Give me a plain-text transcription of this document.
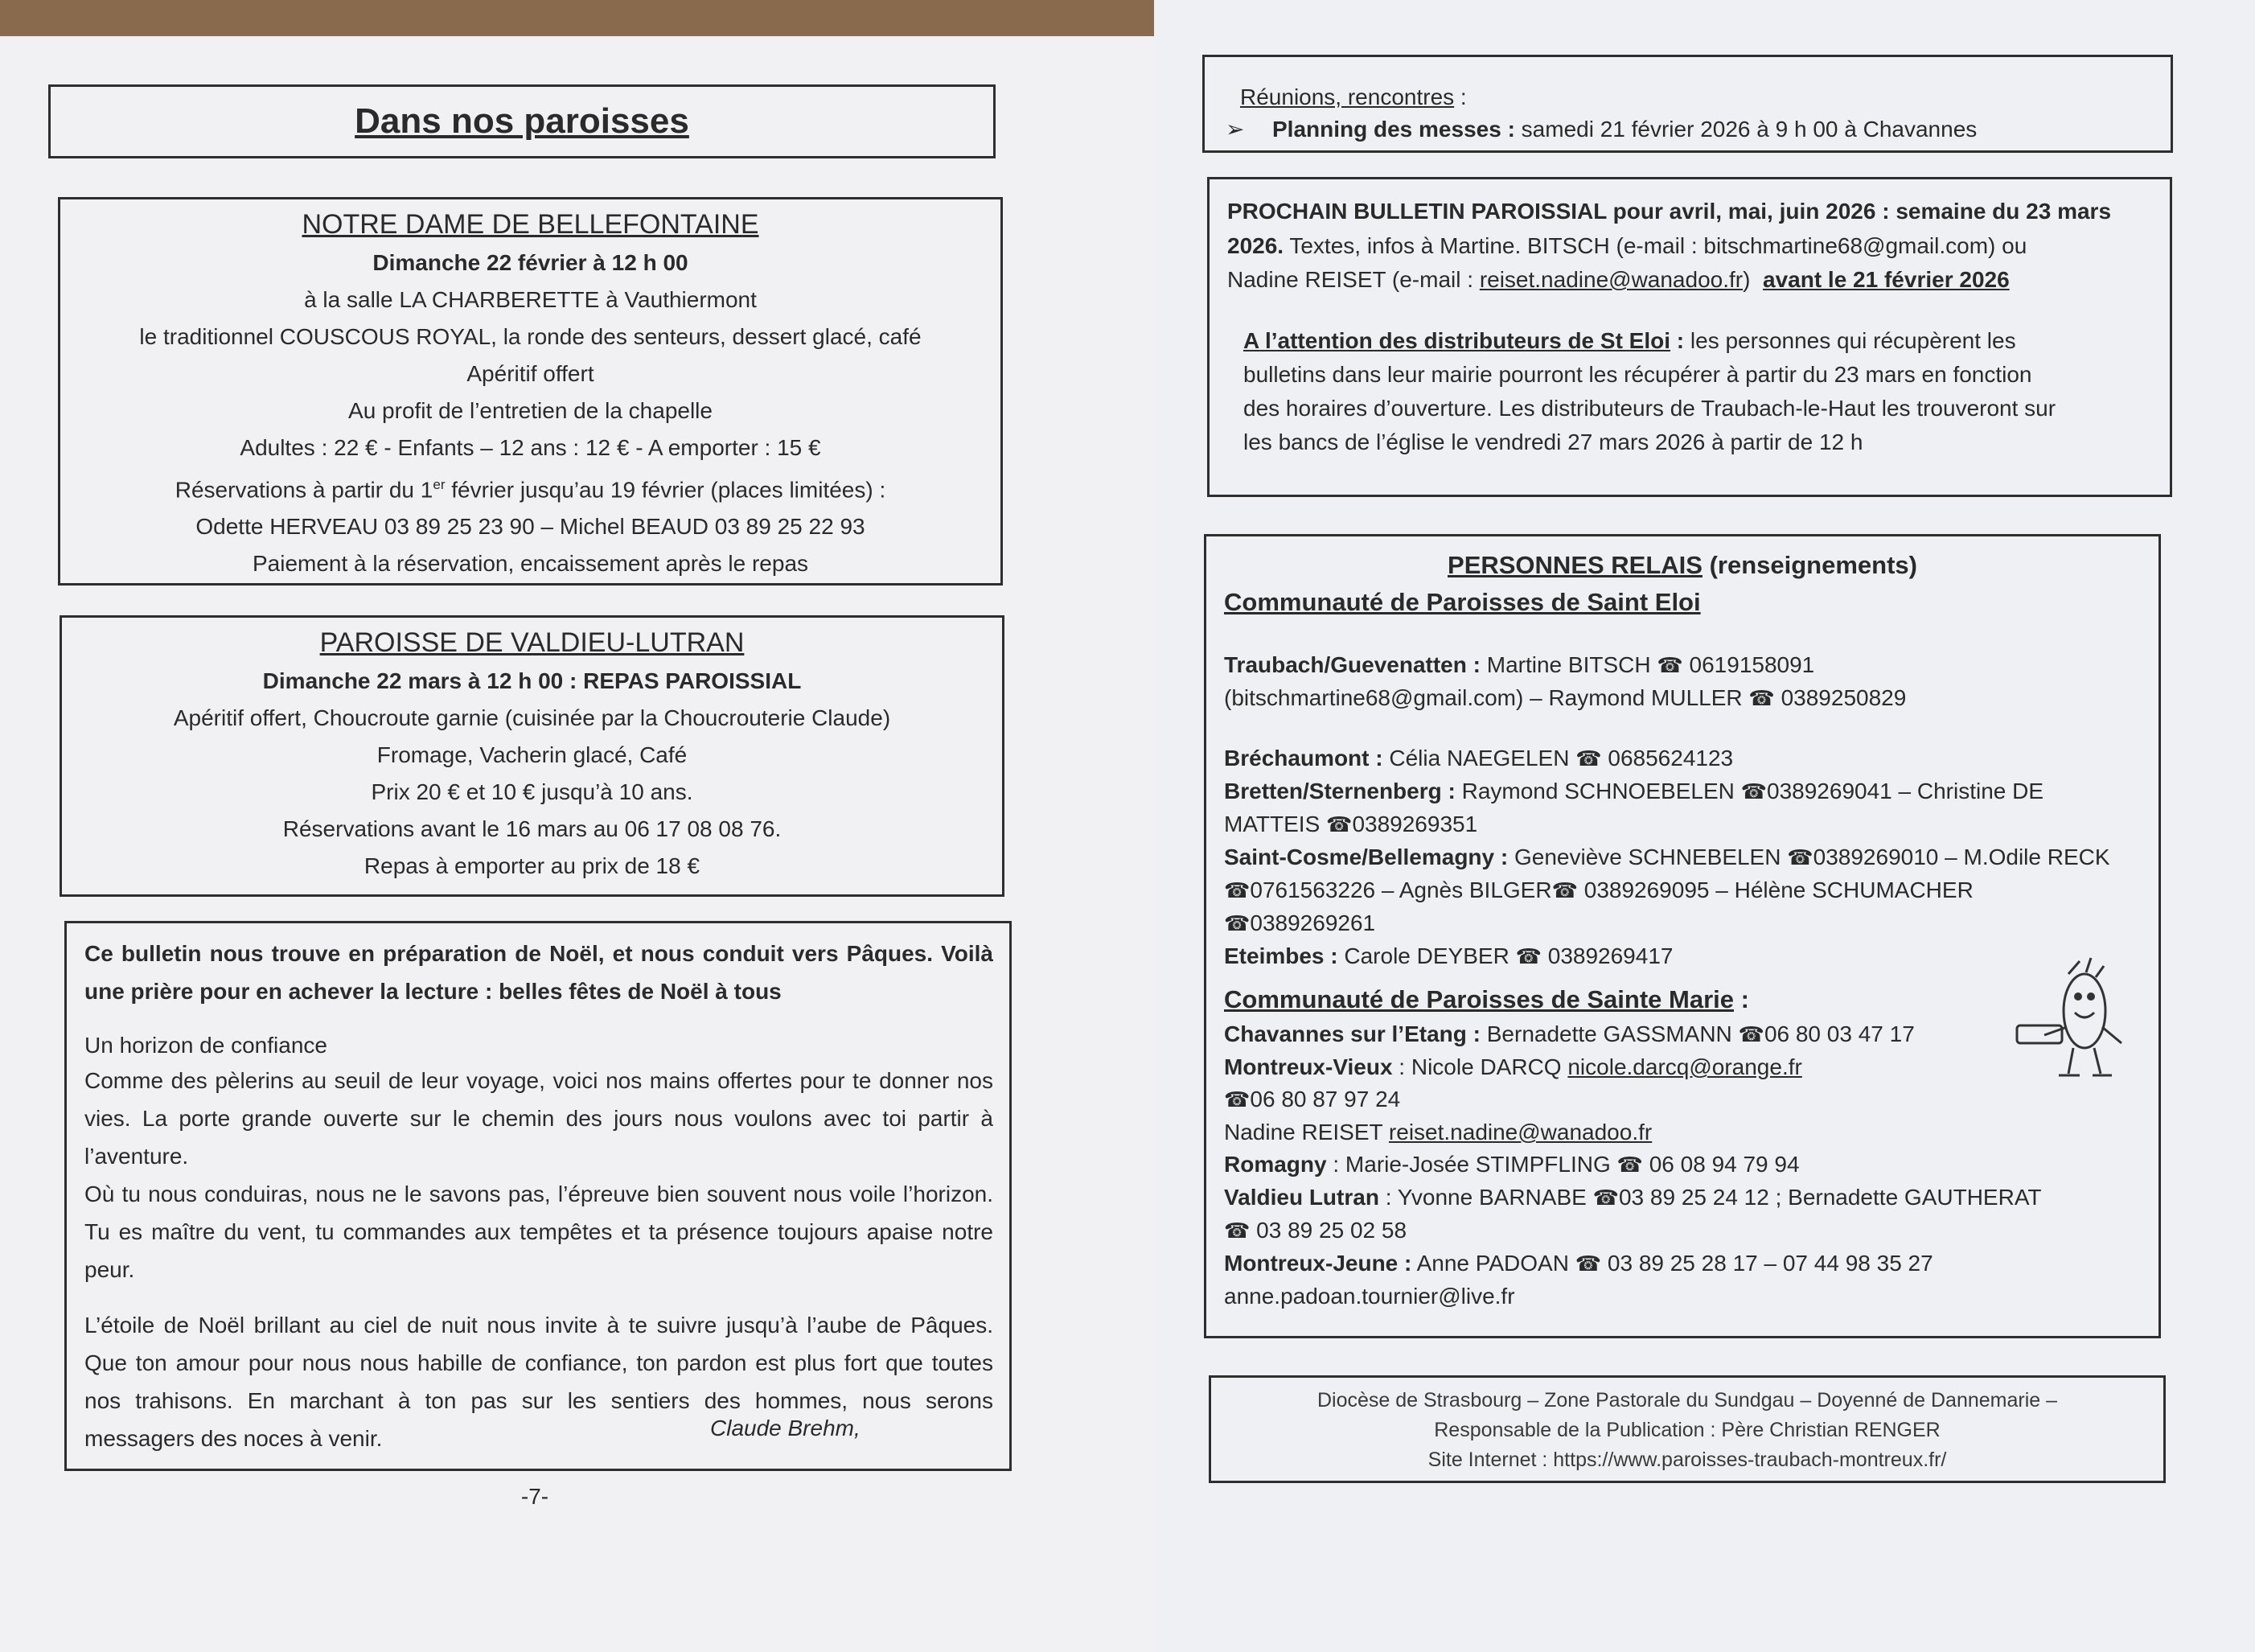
Dans nos paroisses
NOTRE DAME DE BELLEFONTAINE
Dimanche 22 février à 12 h 00
à la salle LA CHARBERETTE à Vauthiermont
le traditionnel COUSCOUS ROYAL, la ronde des senteurs, dessert glacé, café
Apéritif offert
Au profit de l’entretien de la chapelle
Adultes : 22 € - Enfants – 12 ans : 12 € - A emporter : 15 €
Réservations à partir du 1er février jusqu’au 19 février (places limitées) :
Odette HERVEAU 03 89 25 23 90 – Michel BEAUD 03 89 25 22 93
Paiement à la réservation, encaissement après le repas
PAROISSE DE VALDIEU-LUTRAN
Dimanche 22 mars à 12 h 00 : REPAS PAROISSIAL
Apéritif offert, Choucroute garnie (cuisinée par la Choucrouterie Claude)
Fromage, Vacherin glacé, Café
Prix 20 € et 10 € jusqu’à 10 ans.
Réservations avant le 16 mars au 06 17 08 08 76.
Repas à emporter au prix de 18 €
Ce bulletin nous trouve en préparation de Noël, et nous conduit vers Pâques. Voilà une prière pour en achever la lecture : belles fêtes de Noël à tous
Un horizon de confiance
Comme des pèlerins au seuil de leur voyage, voici nos mains offertes pour te donner nos vies. La porte grande ouverte sur le chemin des jours nous voulons avec toi partir à l’aventure.
Où tu nous conduiras, nous ne le savons pas, l’épreuve bien souvent nous voile l’horizon. Tu es maître du vent, tu commandes aux tempêtes et ta présence toujours apaise notre peur.
L’étoile de Noël brillant au ciel de nuit nous invite à te suivre jusqu’à l’aube de Pâques. Que ton amour pour nous nous habille de confiance, ton pardon est plus fort que toutes nos trahisons. En marchant à ton pas sur les sentiers des hommes, nous serons messagers des noces à venir.	Claude Brehm,
-7-
Réunions, rencontres :
➢ Planning des messes : samedi 21 février 2026 à 9 h 00 à Chavannes
PROCHAIN BULLETIN PAROISSIAL pour avril, mai, juin 2026 : semaine du 23 mars
2026. Textes, infos à Martine. BITSCH (e-mail : bitschmartine68@gmail.com) ou
Nadine REISET (e-mail : reiset.nadine@wanadoo.fr) avant le 21 février 2026
A l’attention des distributeurs de St Eloi : les personnes qui récupèrent les
bulletins dans leur mairie pourront les récupérer à partir du 23 mars en fonction
des horaires d’ouverture. Les distributeurs de Traubach-le-Haut les trouveront sur
les bancs de l’église le vendredi 27 mars 2026 à partir de 12 h
PERSONNES RELAIS (renseignements)
Communauté de Paroisses de Saint Eloi
Traubach/Guevenatten : Martine BITSCH ☎ 0619158091
(bitschmartine68@gmail.com) – Raymond MULLER ☎ 0389250829
Bréchaumont : Célia NAEGELEN ☎ 0685624123
Bretten/Sternenberg : Raymond SCHNOEBELEN ☎0389269041 – Christine DE
MATTEIS ☎0389269351
Saint-Cosme/Bellemagny : Geneviève SCHNEBELEN ☎0389269010 – M.Odile RECK
☎0761563226 – Agnès BILGER☎ 0389269095 – Hélène SCHUMACHER
☎0389269261
Eteimbes : Carole DEYBER ☎ 0389269417
Communauté de Paroisses de Sainte Marie :
Chavannes sur l’Etang : Bernadette GASSMANN ☎06 80 03 47 17
Montreux-Vieux : Nicole DARCQ nicole.darcq@orange.fr
☎06 80 87 97 24
Nadine REISET reiset.nadine@wanadoo.fr
Romagny : Marie-Josée STIMPFLING ☎ 06 08 94 79 94
Valdieu Lutran : Yvonne BARNABE ☎03 89 25 24 12 ; Bernadette GAUTHERAT
☎ 03 89 25 02 58
Montreux-Jeune : Anne PADOAN ☎ 03 89 25 28 17 – 07 44 98 35 27
anne.padoan.tournier@live.fr
Diocèse de Strasbourg – Zone Pastorale du Sundgau – Doyenné de Dannemarie –
Responsable de la Publication : Père Christian RENGER
Site Internet : https://www.paroisses-traubach-montreux.fr/
